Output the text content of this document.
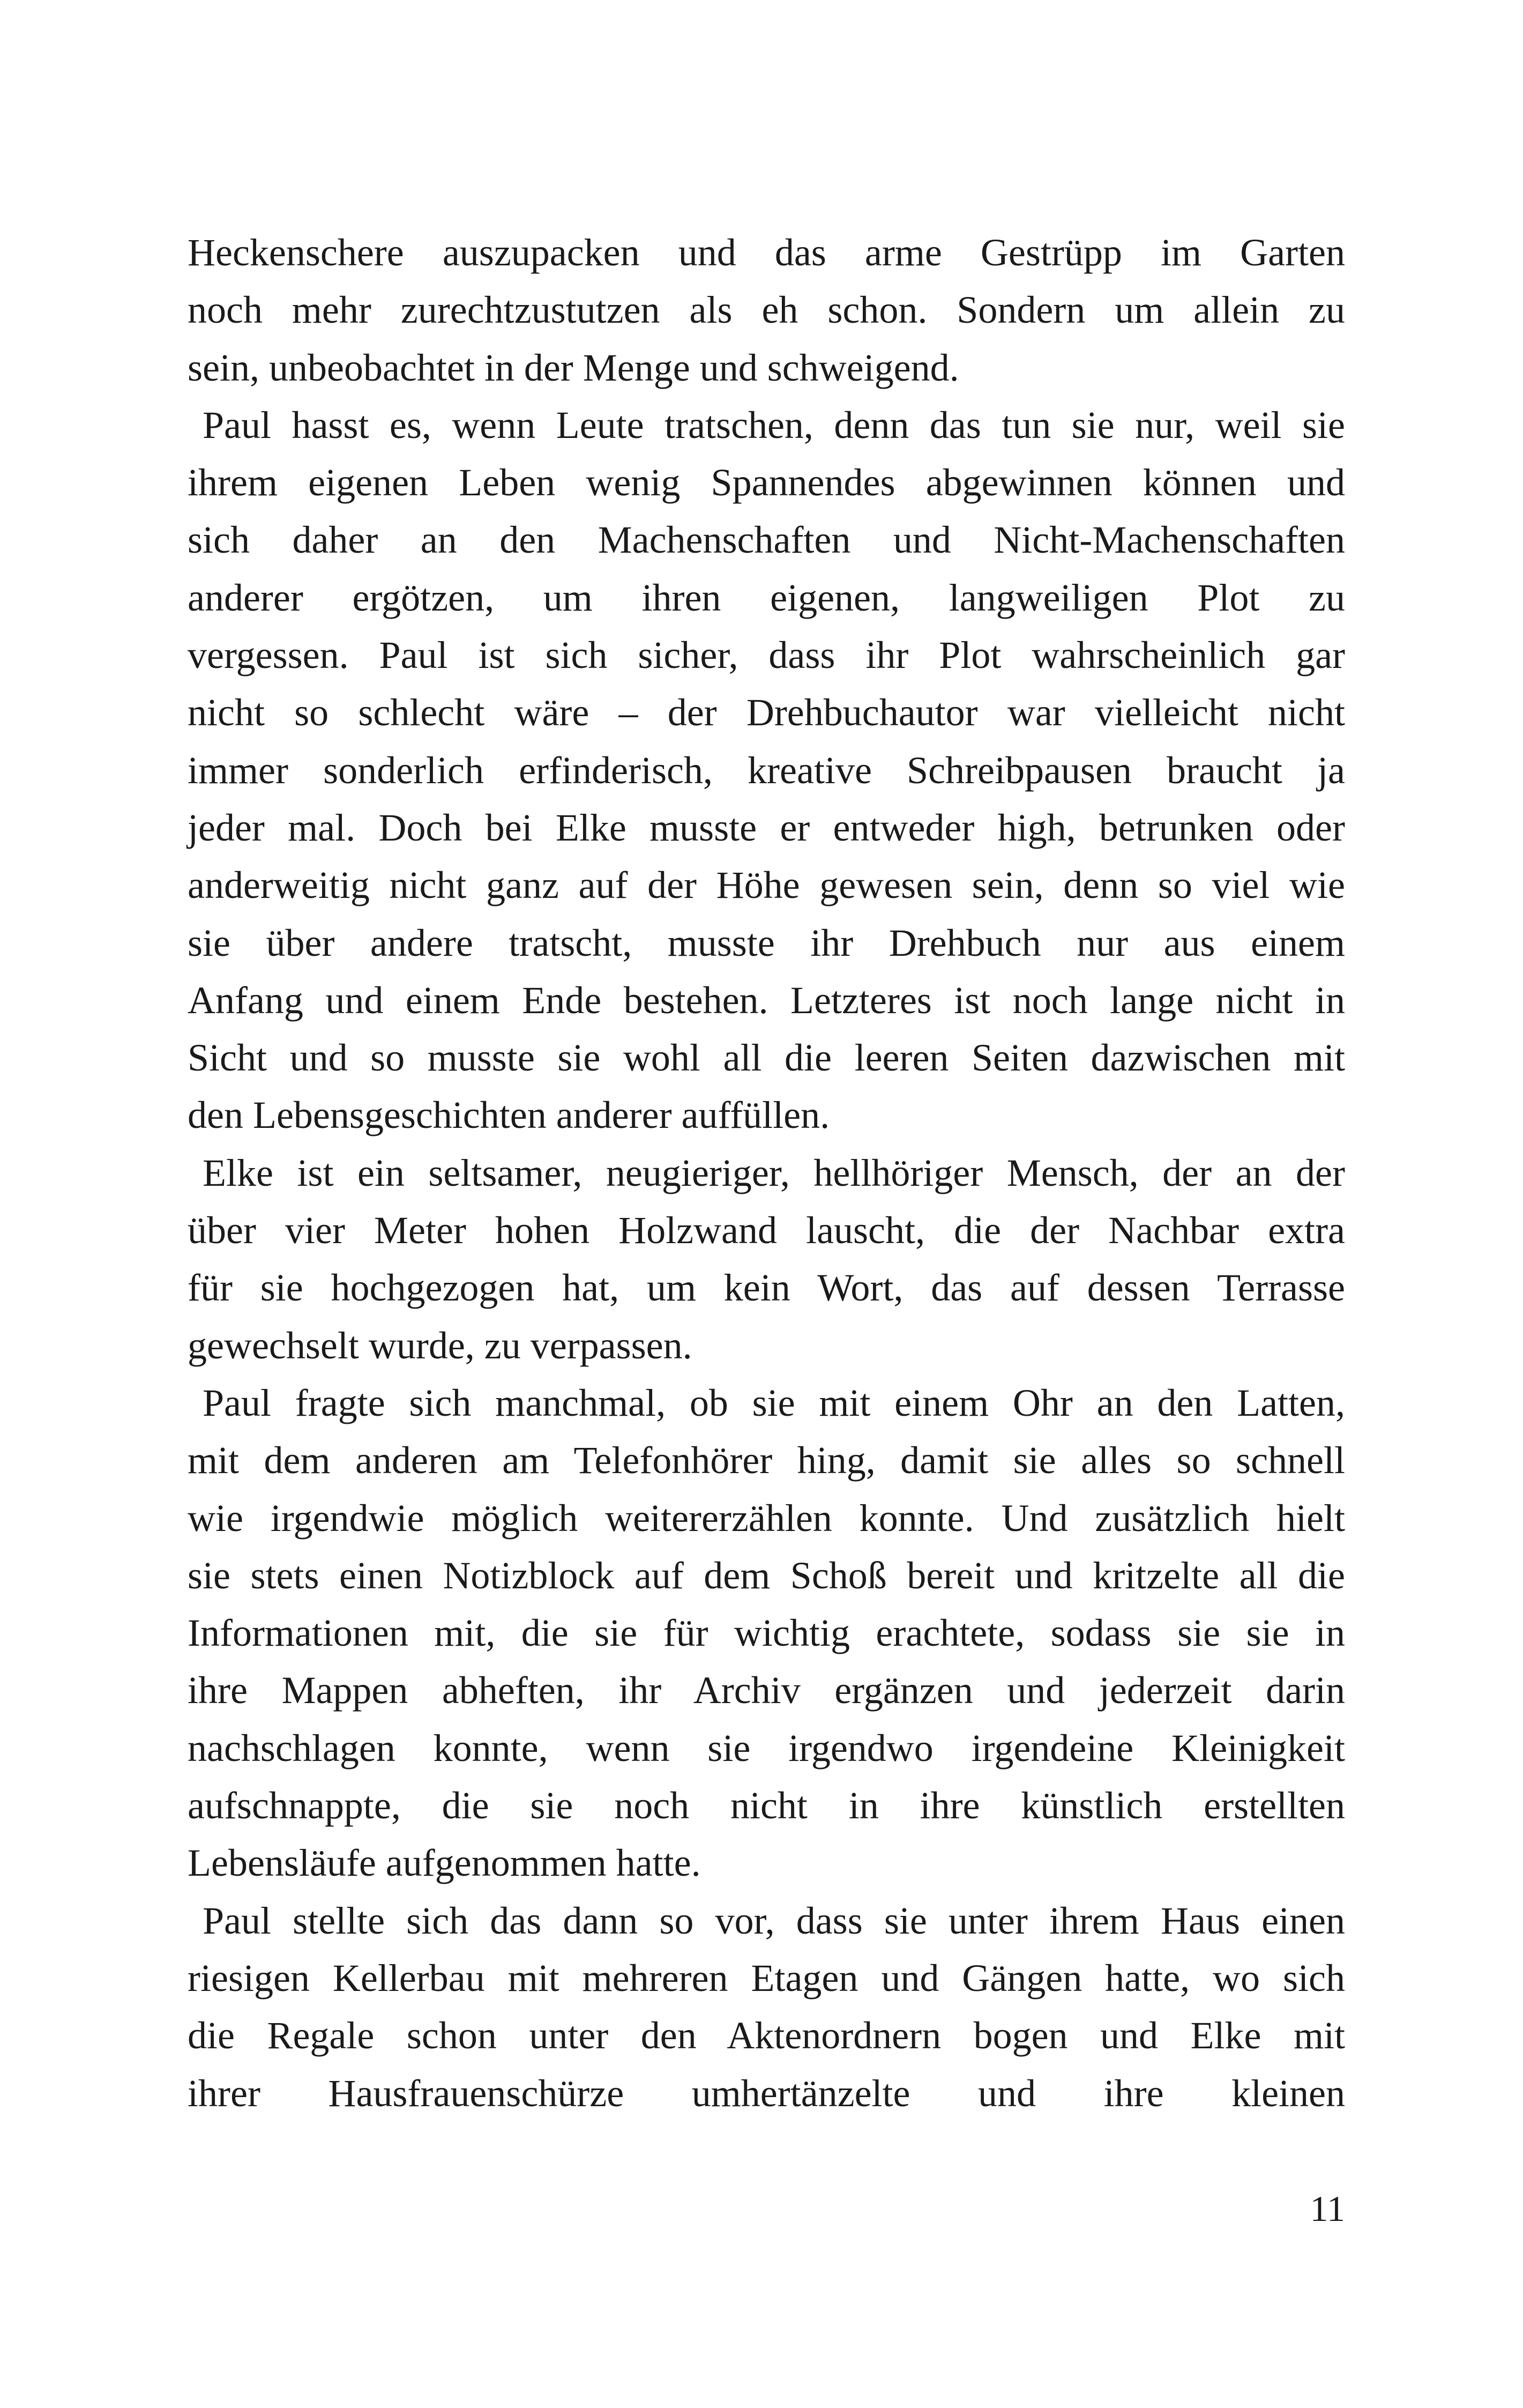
Heckenschere auszupacken und das arme Gestrüpp im Garten
noch mehr zurechtzustutzen als eh schon. Sondern um allein zu
sein, unbeobachtet in der Menge und schweigend.
Paul hasst es, wenn Leute tratschen, denn das tun sie nur, weil sie
ihrem eigenen Leben wenig Spannendes abgewinnen können und
sich daher an den Machenschaften und Nicht-Machenschaften
anderer ergötzen, um ihren eigenen, langweiligen Plot zu
vergessen. Paul ist sich sicher, dass ihr Plot wahrscheinlich gar
nicht so schlecht wäre – der Drehbuchautor war vielleicht nicht
immer sonderlich erfinderisch, kreative Schreibpausen braucht ja
jeder mal. Doch bei Elke musste er entweder high, betrunken oder
anderweitig nicht ganz auf der Höhe gewesen sein, denn so viel wie
sie über andere tratscht, musste ihr Drehbuch nur aus einem
Anfang und einem Ende bestehen. Letzteres ist noch lange nicht in
Sicht und so musste sie wohl all die leeren Seiten dazwischen mit
den Lebensgeschichten anderer auffüllen.
Elke ist ein seltsamer, neugieriger, hellhöriger Mensch, der an der
über vier Meter hohen Holzwand lauscht, die der Nachbar extra
für sie hochgezogen hat, um kein Wort, das auf dessen Terrasse
gewechselt wurde, zu verpassen.
Paul fragte sich manchmal, ob sie mit einem Ohr an den Latten,
mit dem anderen am Telefonhörer hing, damit sie alles so schnell
wie irgendwie möglich weitererzählen konnte. Und zusätzlich hielt
sie stets einen Notizblock auf dem Schoß bereit und kritzelte all die
Informationen mit, die sie für wichtig erachtete, sodass sie sie in
ihre Mappen abheften, ihr Archiv ergänzen und jederzeit darin
nachschlagen konnte, wenn sie irgendwo irgendeine Kleinigkeit
aufschnappte, die sie noch nicht in ihre künstlich erstellten
Lebensläufe aufgenommen hatte.
Paul stellte sich das dann so vor, dass sie unter ihrem Haus einen
riesigen Kellerbau mit mehreren Etagen und Gängen hatte, wo sich
die Regale schon unter den Aktenordnern bogen und Elke mit
ihrer Hausfrauenschürze umhertänzelte und ihre kleinen
11
